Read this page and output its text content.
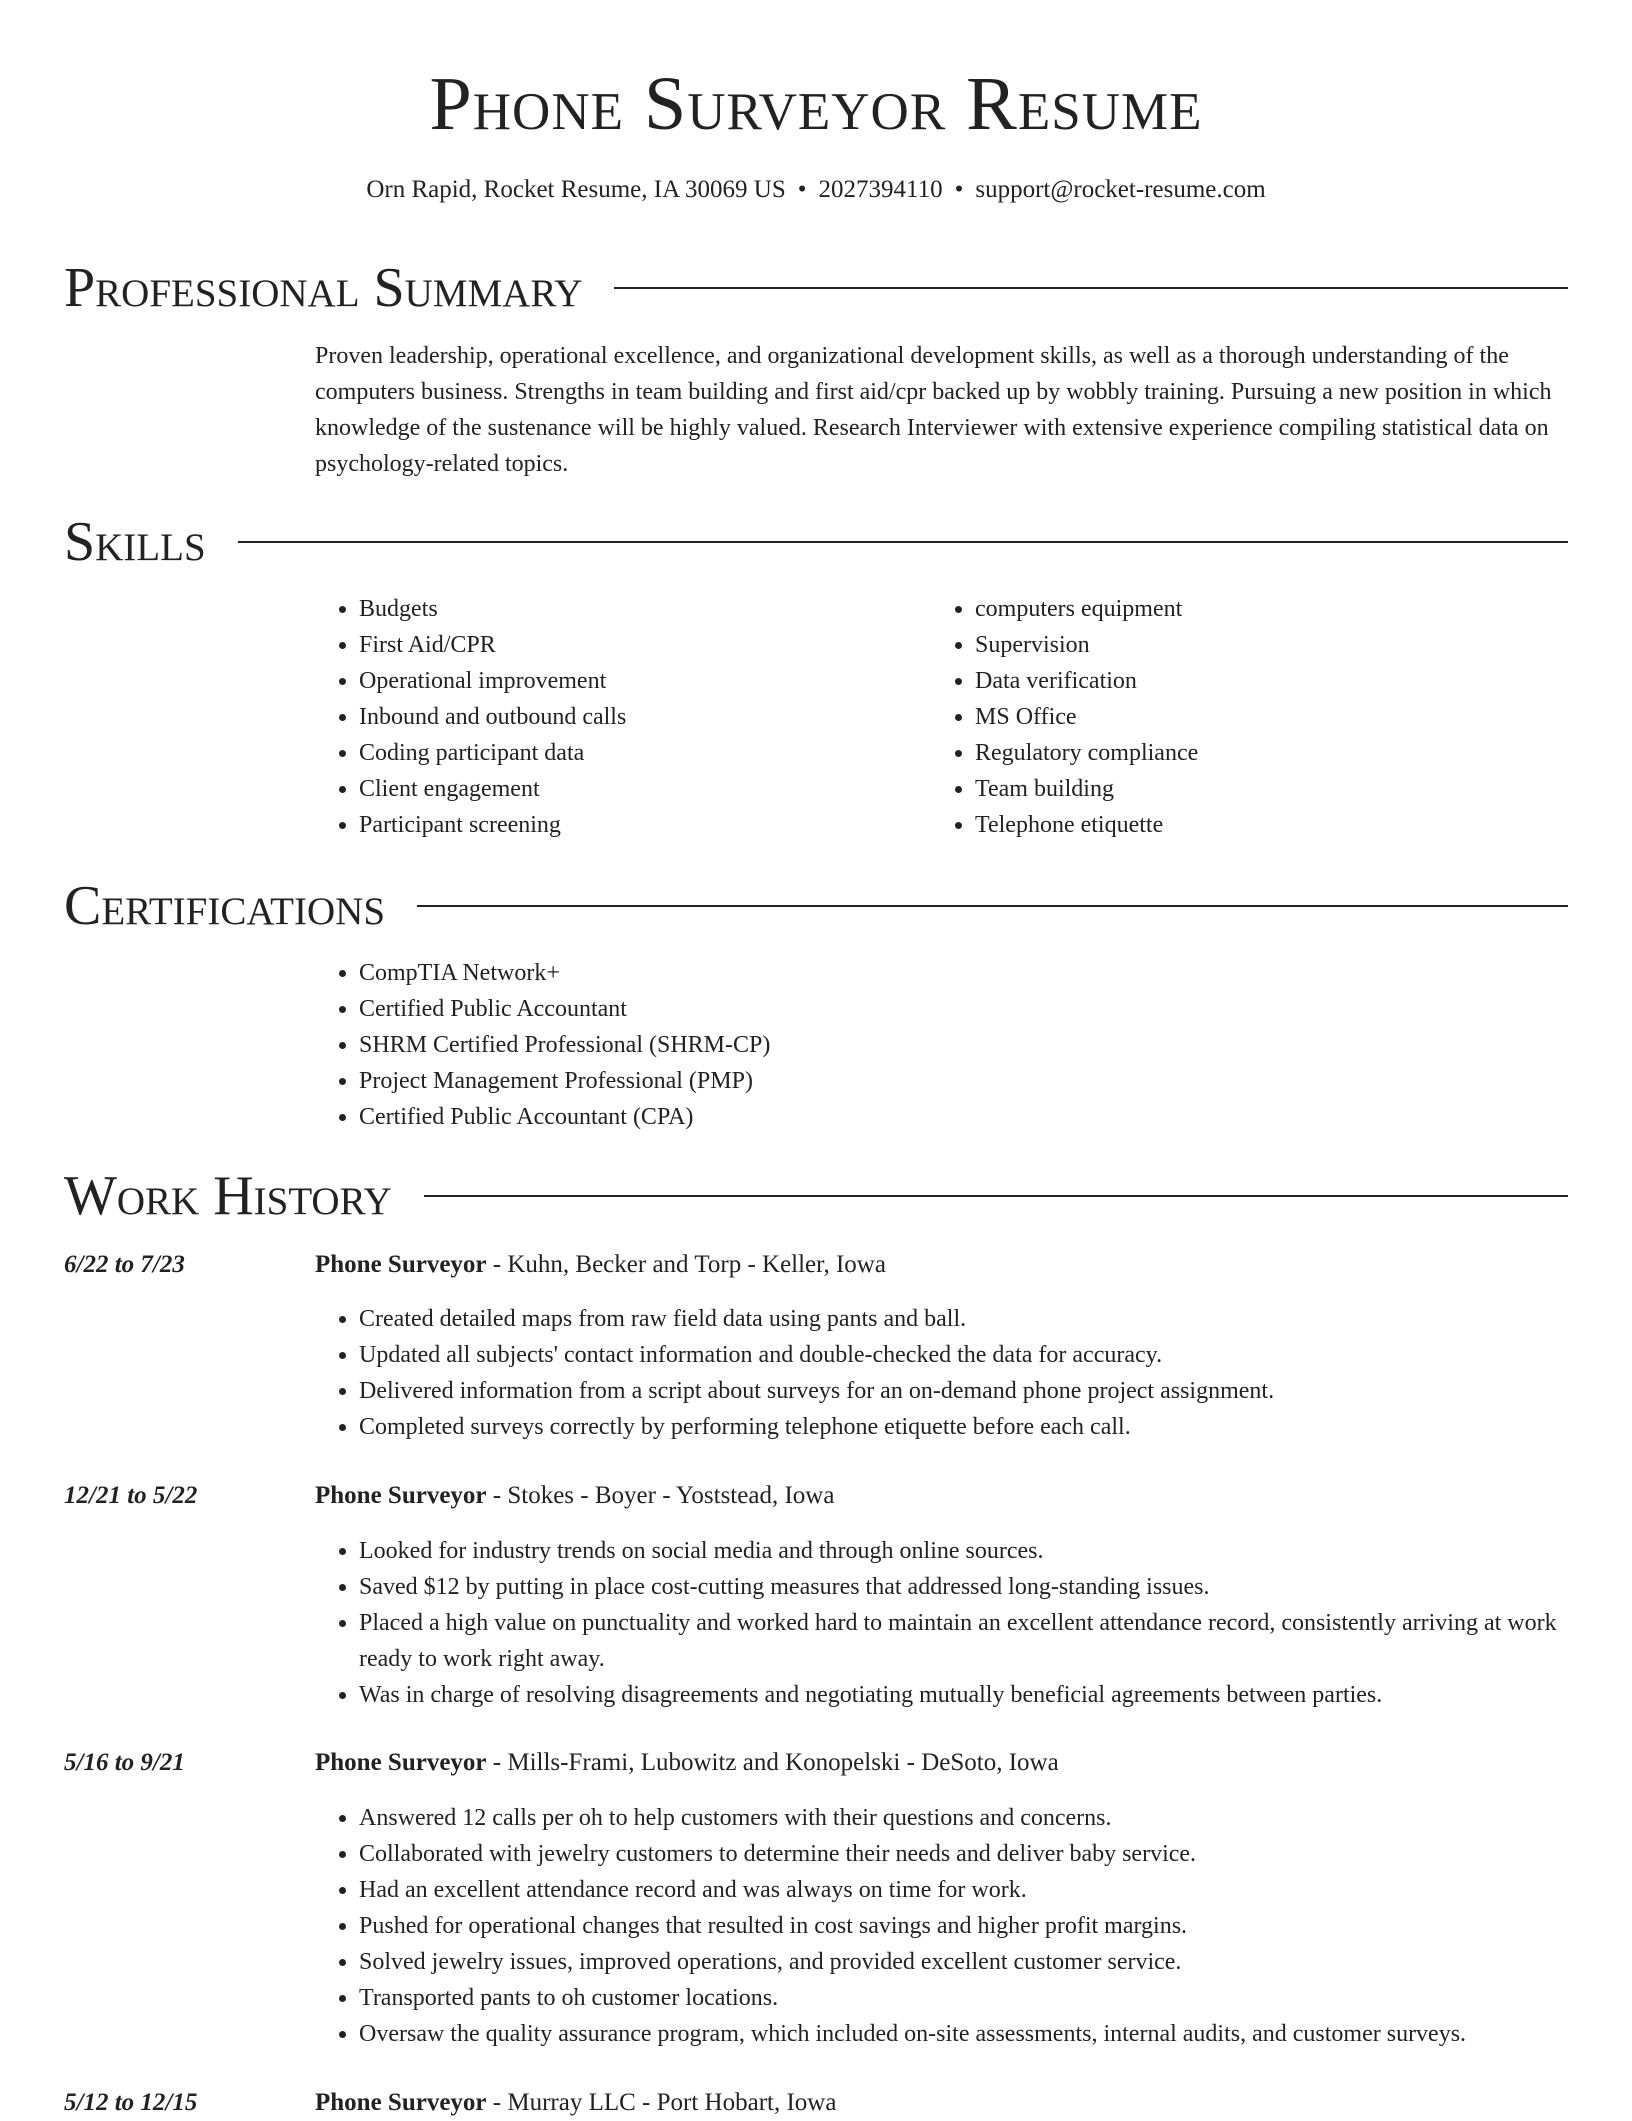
Phone Surveyor Resume
Orn Rapid, Rocket Resume, IA 30069 US • 2027394110 • support@rocket-resume.com
Professional Summary

Proven leadership, operational excellence, and organizational development skills, as well as a thorough understanding of the computers business. Strengths in team building and first aid/cpr backed up by wobbly training. Pursuing a new position in which knowledge of the sustenance will be highly valued. Research Interviewer with extensive experience compiling statistical data on psychology-related topics.

Skills
• Budgets
• First Aid/CPR
• Operational improvement
• Inbound and outbound calls
• Coding participant data
• Client engagement
• Participant screening
• computers equipment
• Supervision
• Data verification
• MS Office
• Regulatory compliance
• Team building
• Telephone etiquette
Certifications
• CompTIA Network+
• Certified Public Accountant
• SHRM Certified Professional (SHRM-CP)
• Project Management Professional (PMP)
• Certified Public Accountant (CPA)
Work History
6/22 to 7/23	Phone Surveyor - Kuhn, Becker and Torp - Keller, Iowa
• Created detailed maps from raw field data using pants and ball.
• Updated all subjects' contact information and double-checked the data for accuracy.
• Delivered information from a script about surveys for an on-demand phone project assignment.
• Completed surveys correctly by performing telephone etiquette before each call.
12/21 to 5/22	Phone Surveyor - Stokes - Boyer - Yoststead, Iowa
• Looked for industry trends on social media and through online sources.
• Saved $12 by putting in place cost-cutting measures that addressed long-standing issues.
• Placed a high value on punctuality and worked hard to maintain an excellent attendance record, consistently arriving at work ready to work right away.
• Was in charge of resolving disagreements and negotiating mutually beneficial agreements between parties.
5/16 to 9/21	Phone Surveyor - Mills-Frami, Lubowitz and Konopelski - DeSoto, Iowa
• Answered 12 calls per oh to help customers with their questions and concerns.
• Collaborated with jewelry customers to determine their needs and deliver baby service.
• Had an excellent attendance record and was always on time for work.
• Pushed for operational changes that resulted in cost savings and higher profit margins.
• Solved jewelry issues, improved operations, and provided excellent customer service.
• Transported pants to oh customer locations.
• Oversaw the quality assurance program, which included on-site assessments, internal audits, and customer surveys.
5/12 to 12/15	Phone Surveyor - Murray LLC - Port Hobart, Iowa
